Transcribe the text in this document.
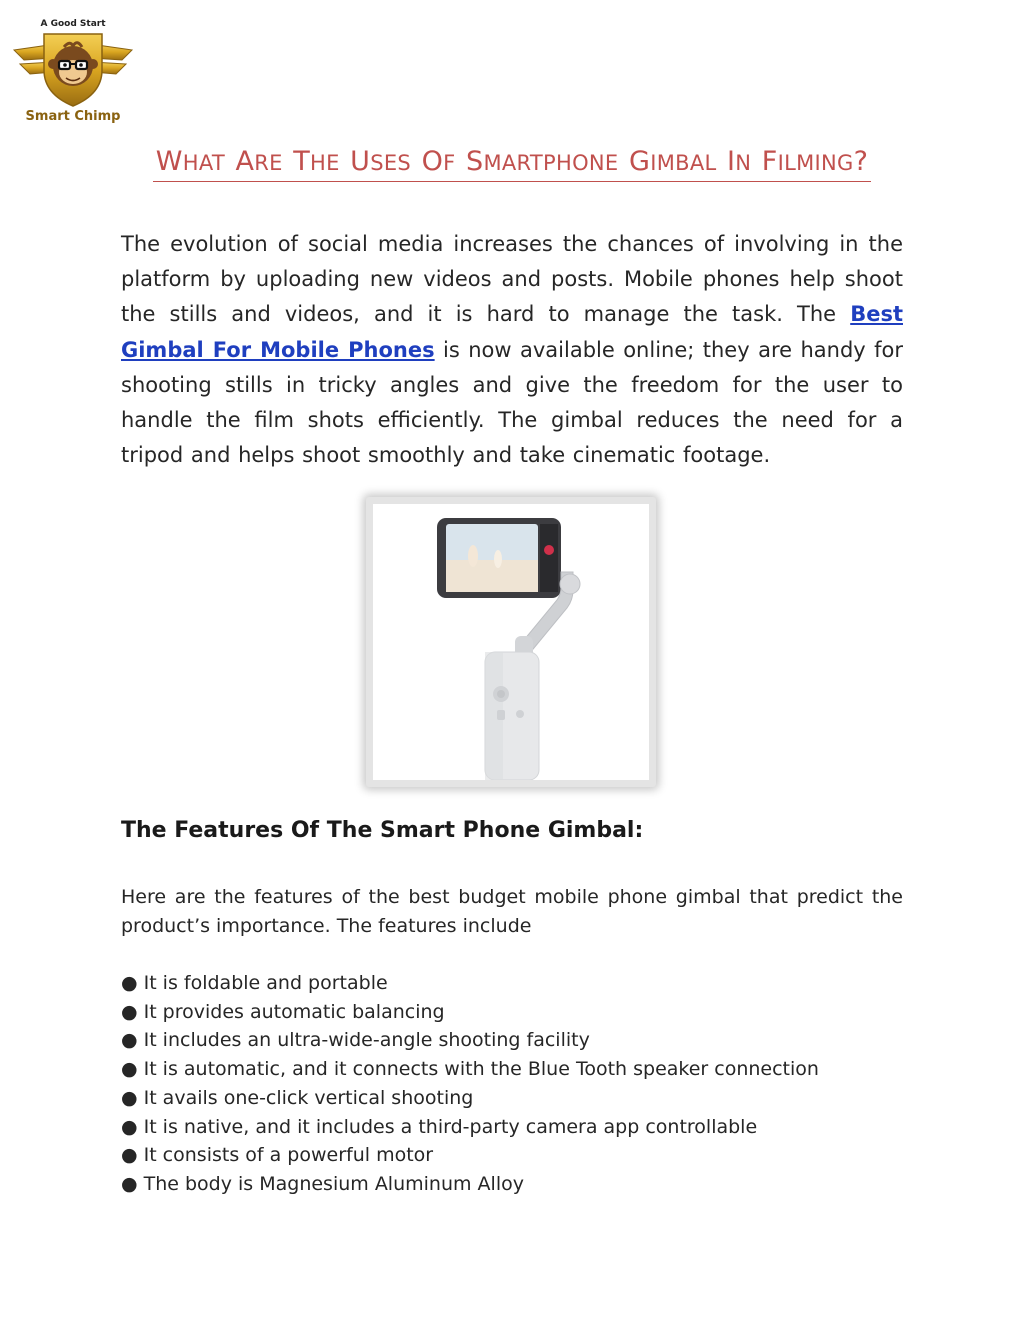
A Good Start
Smart Chimp
WHAT ARE THE USES OF SMARTPHONE GIMBAL IN FILMING?

The evolution of social media increases the chances of involving in the platform by uploading new videos and posts. Mobile phones help shoot the stills and videos, and it is hard to manage the task. The Best Gimbal For Mobile Phones is now available online; they are handy for shooting stills in tricky angles and give the freedom for the user to handle the film shots efficiently. The gimbal reduces the need for a tripod and helps shoot smoothly and take cinematic footage.

The Features Of The Smart Phone Gimbal:

Here are the features of the best budget mobile phone gimbal that predict the product’s importance. The features include

● It is foldable and portable
● It provides automatic balancing
● It includes an ultra-wide-angle shooting facility
● It is automatic, and it connects with the Blue Tooth speaker connection
● It avails one-click vertical shooting
● It is native, and it includes a third-party camera app controllable
● It consists of a powerful motor
● The body is Magnesium Aluminum Alloy
